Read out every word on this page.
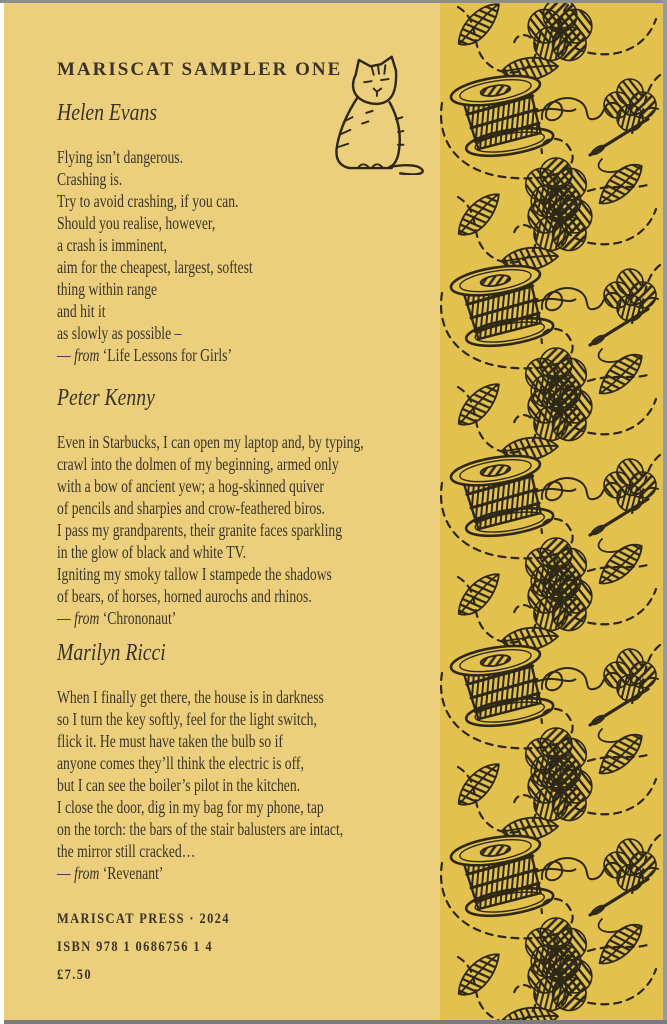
MARISCAT SAMPLER ONE
Helen Evans
Flying isn’t dangerous.
Crashing is.
Try to avoid crashing, if you can.
Should you realise, however,
a crash is imminent,
aim for the cheapest, largest, softest
thing within range
and hit it
as slowly as possible –
— from ‘Life Lessons for Girls’
Peter Kenny
Even in Starbucks, I can open my laptop and, by typing,
crawl into the dolmen of my beginning, armed only
with a bow of ancient yew; a hog-skinned quiver
of pencils and sharpies and crow-feathered biros.
I pass my grandparents, their granite faces sparkling
in the glow of black and white TV.
Igniting my smoky tallow I stampede the shadows
of bears, of horses, horned aurochs and rhinos.
— from ‘Chrononaut’
Marilyn Ricci
When I finally get there, the house is in darkness
so I turn the key softly, feel for the light switch,
flick it. He must have taken the bulb so if
anyone comes they’ll think the electric is off,
but I can see the boiler’s pilot in the kitchen.
I close the door, dig in my bag for my phone, tap
on the torch: the bars of the stair balusters are intact,
the mirror still cracked…
— from ‘Revenant’
MARISCAT PRESS · 2024
ISBN 978 1 0686756 1 4
£7.50
